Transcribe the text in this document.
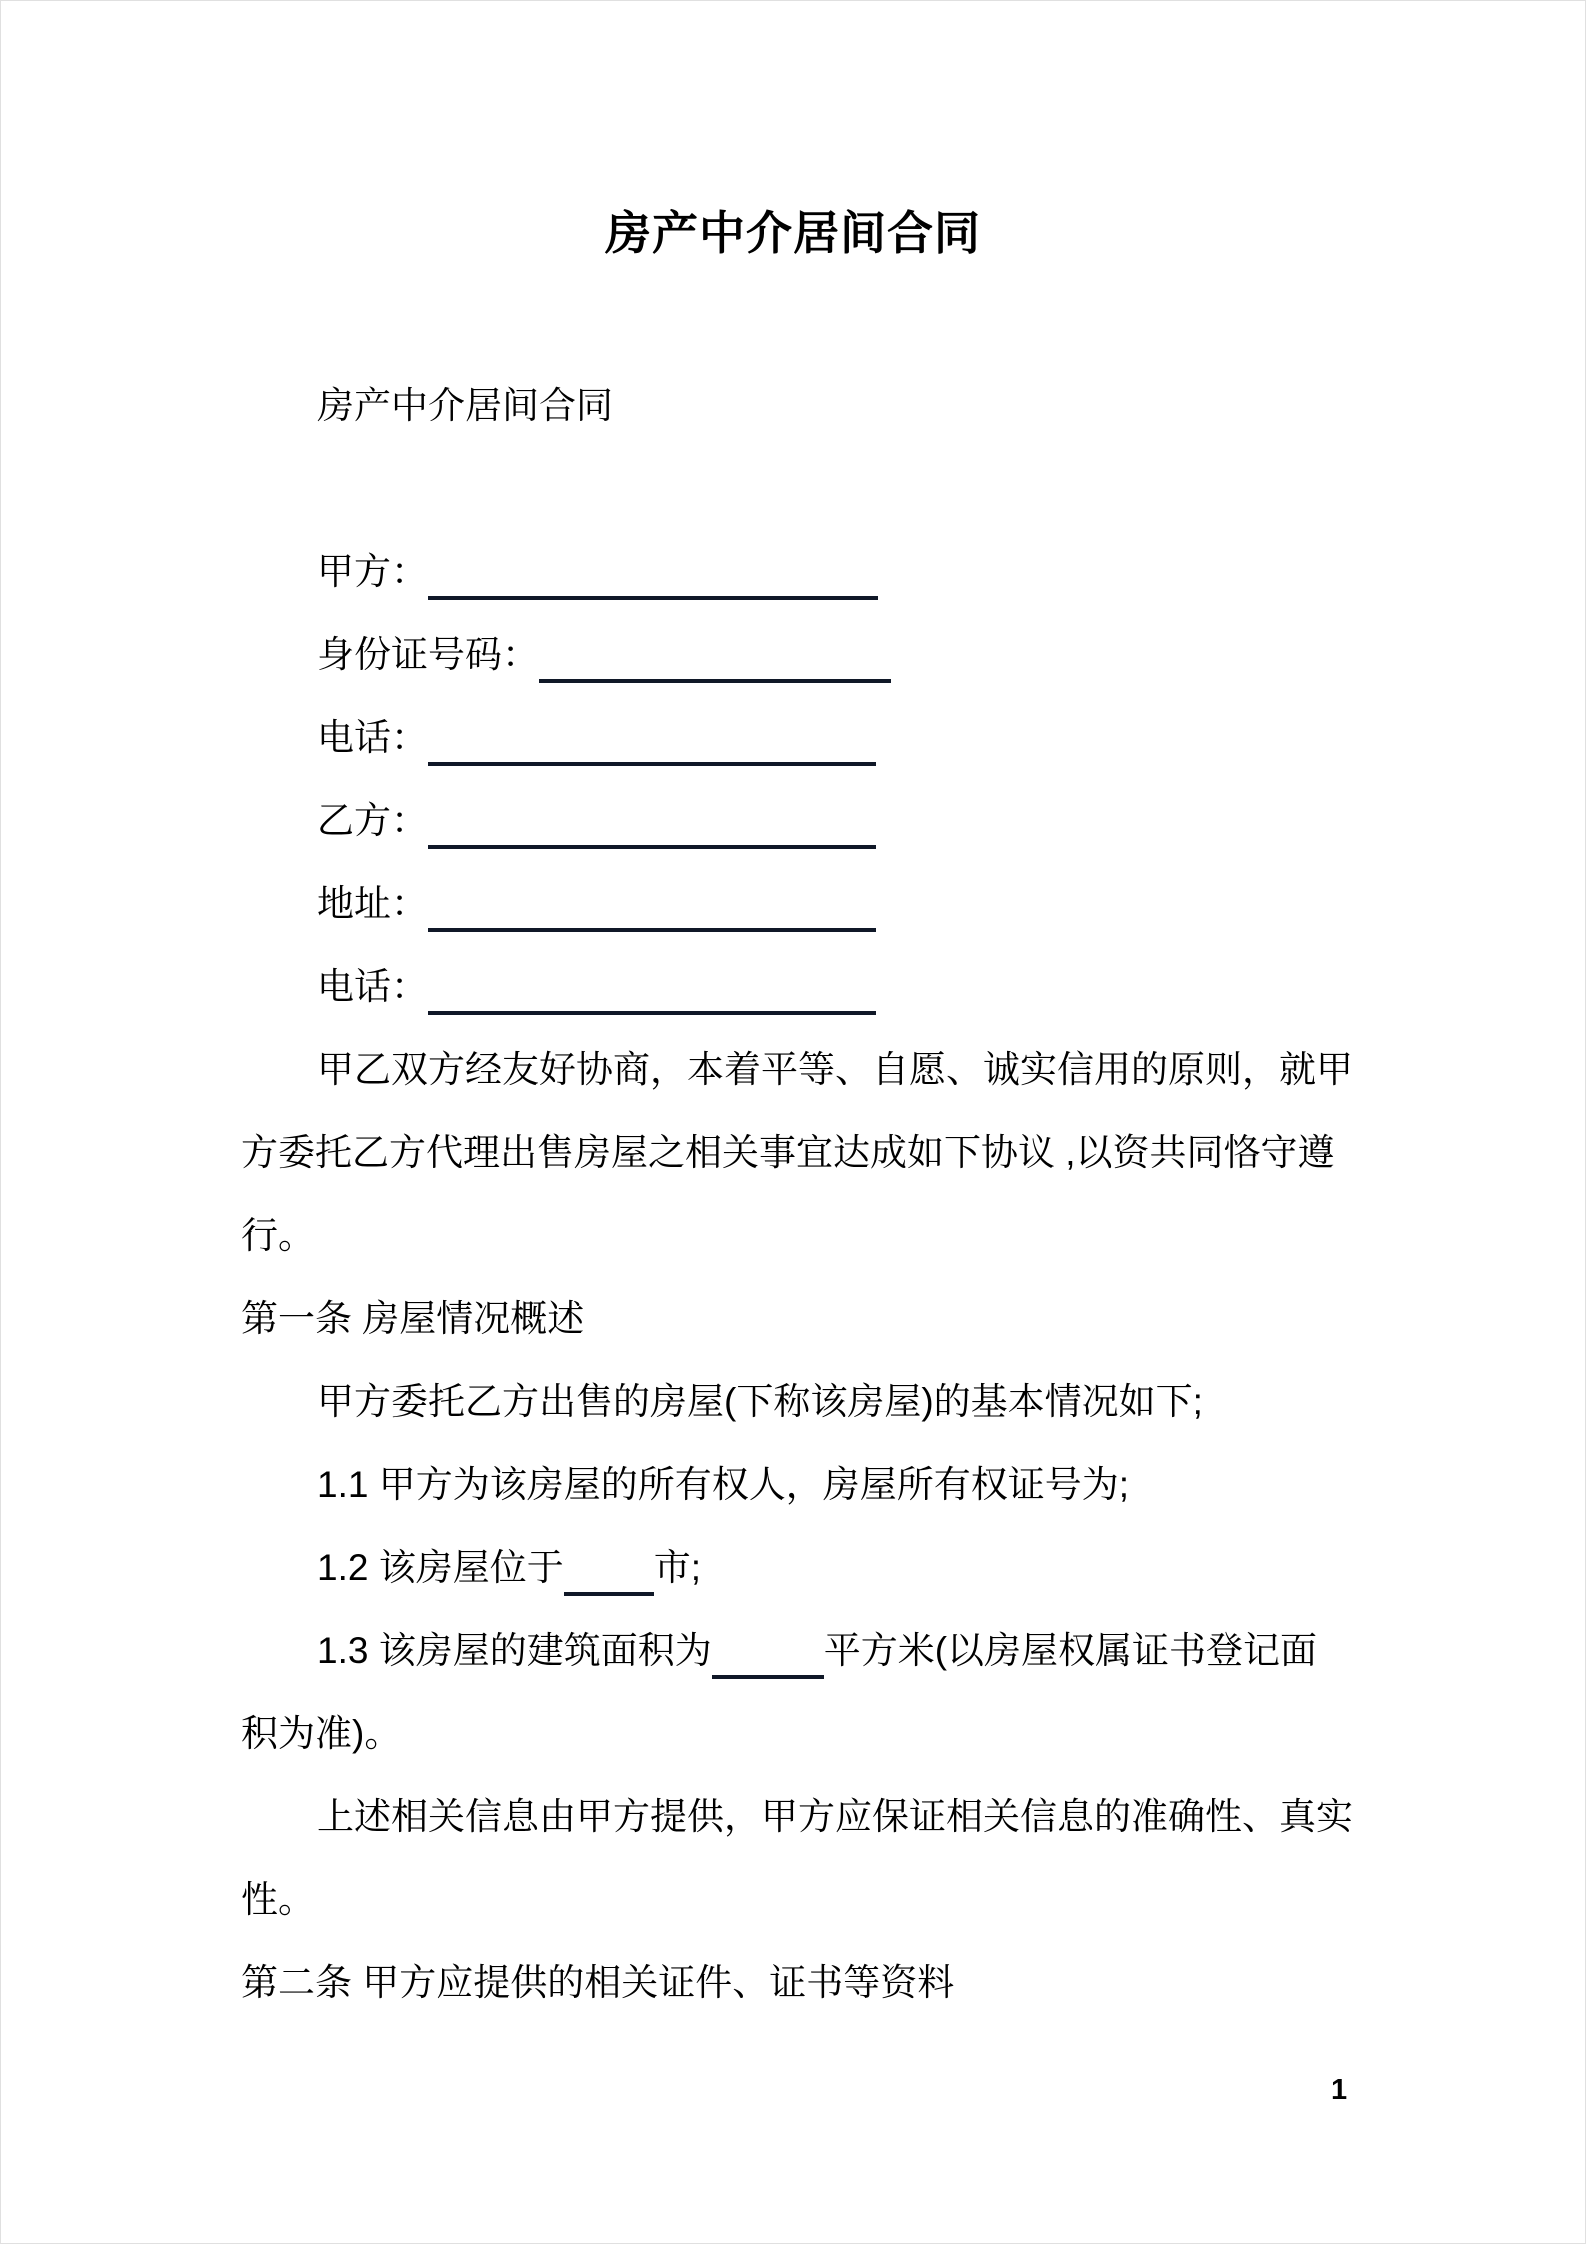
房产中介居间合同
房产中介居间合同
甲方：
身份证号码：
电话：
乙方：
地址：
电话：
甲乙双方经友好协商，本着平等、自愿、诚实信用的原则，就甲
方委托乙方代理出售房屋之相关事宜达成如下协议 ,以资共同恪守遵
行。
第一条 房屋情况概述
甲方委托乙方出售的房屋(下称该房屋)的基本情况如下;
1.1 甲方为该房屋的所有权人，房屋所有权证号为;
1.2 该房屋位于 市;
1.3 该房屋的建筑面积为	平方米(以房屋权属证书登记面
积为准)。
上述相关信息由甲方提供，甲方应保证相关信息的准确性、真实
性。
第二条 甲方应提供的相关证件、证书等资料
1
